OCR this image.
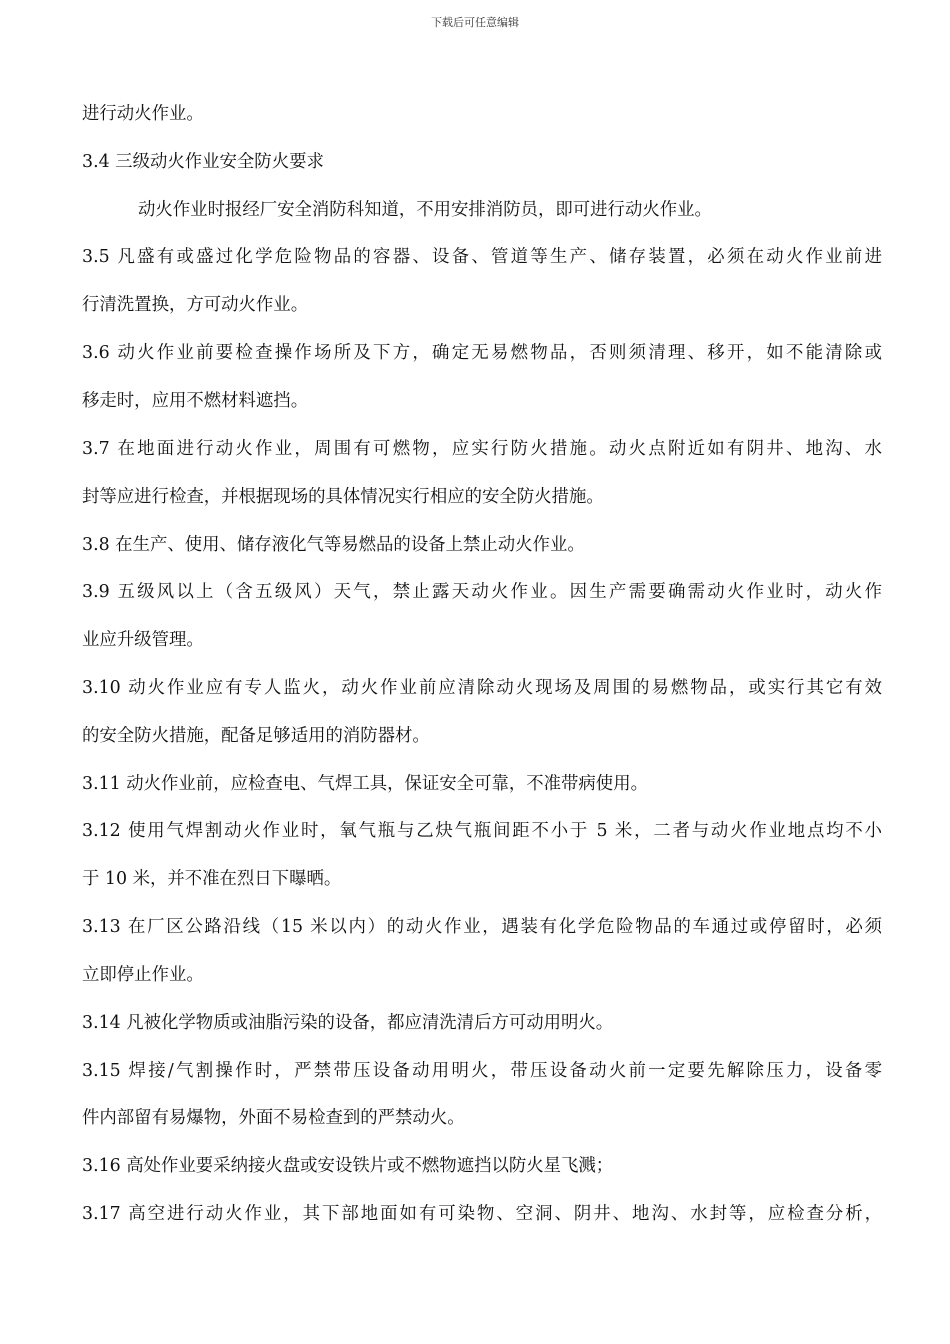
下载后可任意编辑
进行动火作业。
3.4 三级动火作业安全防火要求
动火作业时报经厂安全消防科知道，不用安排消防员，即可进行动火作业。
3.5 凡盛有或盛过化学危险物品的容器、设备、管道等生产、储存装置，必须在动火作业前进
行清洗置换，方可动火作业。
3.6 动火作业前要检查操作场所及下方，确定无易燃物品，否则须清理、移开，如不能清除或
移走时，应用不燃材料遮挡。
3.7 在地面进行动火作业，周围有可燃物，应实行防火措施。动火点附近如有阴井、地沟、水
封等应进行检查，并根据现场的具体情况实行相应的安全防火措施。
3.8 在生产、使用、储存液化气等易燃品的设备上禁止动火作业。
3.9 五级风以上（含五级风）天气，禁止露天动火作业。因生产需要确需动火作业时，动火作
业应升级管理。
3.10 动火作业应有专人监火，动火作业前应清除动火现场及周围的易燃物品，或实行其它有效
的安全防火措施，配备足够适用的消防器材。
3.11 动火作业前，应检查电、气焊工具，保证安全可靠，不准带病使用。
3.12 使用气焊割动火作业时，氧气瓶与乙炔气瓶间距不小于 5 米，二者与动火作业地点均不小
于 10 米，并不准在烈日下曝晒。
3.13 在厂区公路沿线（15 米以内）的动火作业，遇装有化学危险物品的车通过或停留时，必须
立即停止作业。
3.14 凡被化学物质或油脂污染的设备，都应清洗清后方可动用明火。
3.15 焊接/气割操作时，严禁带压设备动用明火，带压设备动火前一定要先解除压力，设备零
件内部留有易爆物，外面不易检查到的严禁动火。
3.16 高处作业要采纳接火盘或安设铁片或不燃物遮挡以防火星飞溅；
3.17 高空进行动火作业，其下部地面如有可染物、空洞、阴井、地沟、水封等，应检查分析，
